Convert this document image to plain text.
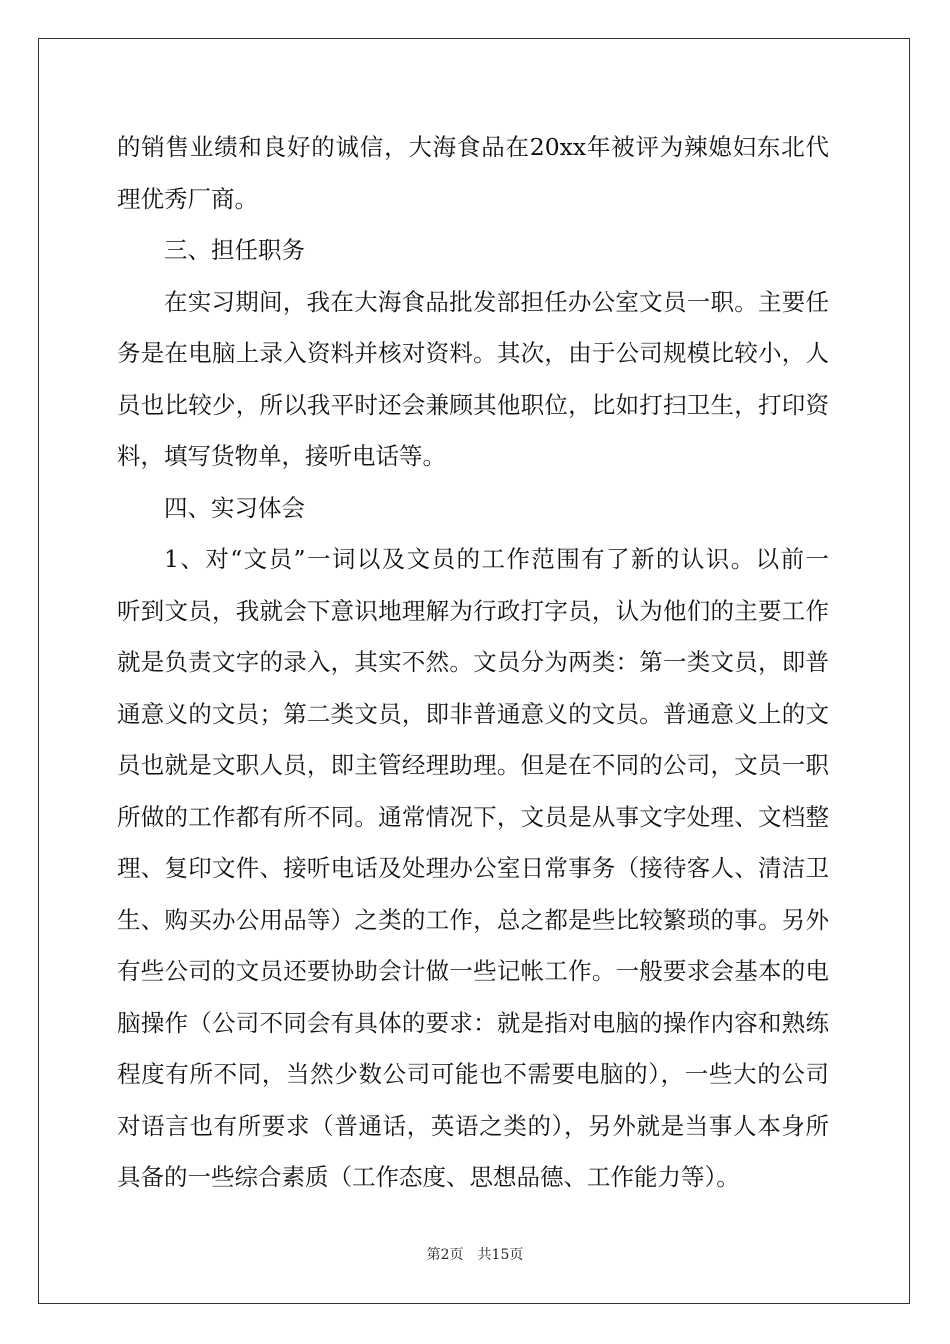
的销售业绩和良好的诚信，大海食品在20xx年被评为辣媳妇东北代
理优秀厂商。
三、担任职务
在实习期间，我在大海食品批发部担任办公室文员一职。主要任
务是在电脑上录入资料并核对资料。其次，由于公司规模比较小，人
员也比较少，所以我平时还会兼顾其他职位，比如打扫卫生，打印资
料，填写货物单，接听电话等。
四、实习体会
1、对“文员”一词以及文员的工作范围有了新的认识。以前一
听到文员，我就会下意识地理解为行政打字员，认为他们的主要工作
就是负责文字的录入，其实不然。文员分为两类：第一类文员，即普
通意义的文员；第二类文员，即非普通意义的文员。普通意义上的文
员也就是文职人员，即主管经理助理。但是在不同的公司，文员一职
所做的工作都有所不同。通常情况下，文员是从事文字处理、文档整
理、复印文件、接听电话及处理办公室日常事务（接待客人、清洁卫
生、购买办公用品等）之类的工作，总之都是些比较繁琐的事。另外
有些公司的文员还要协助会计做一些记帐工作。一般要求会基本的电
脑操作（公司不同会有具体的要求：就是指对电脑的操作内容和熟练
程度有所不同，当然少数公司可能也不需要电脑的），一些大的公司
对语言也有所要求（普通话，英语之类的），另外就是当事人本身所
具备的一些综合素质（工作态度、思想品德、工作能力等）。
第2页　共15页
